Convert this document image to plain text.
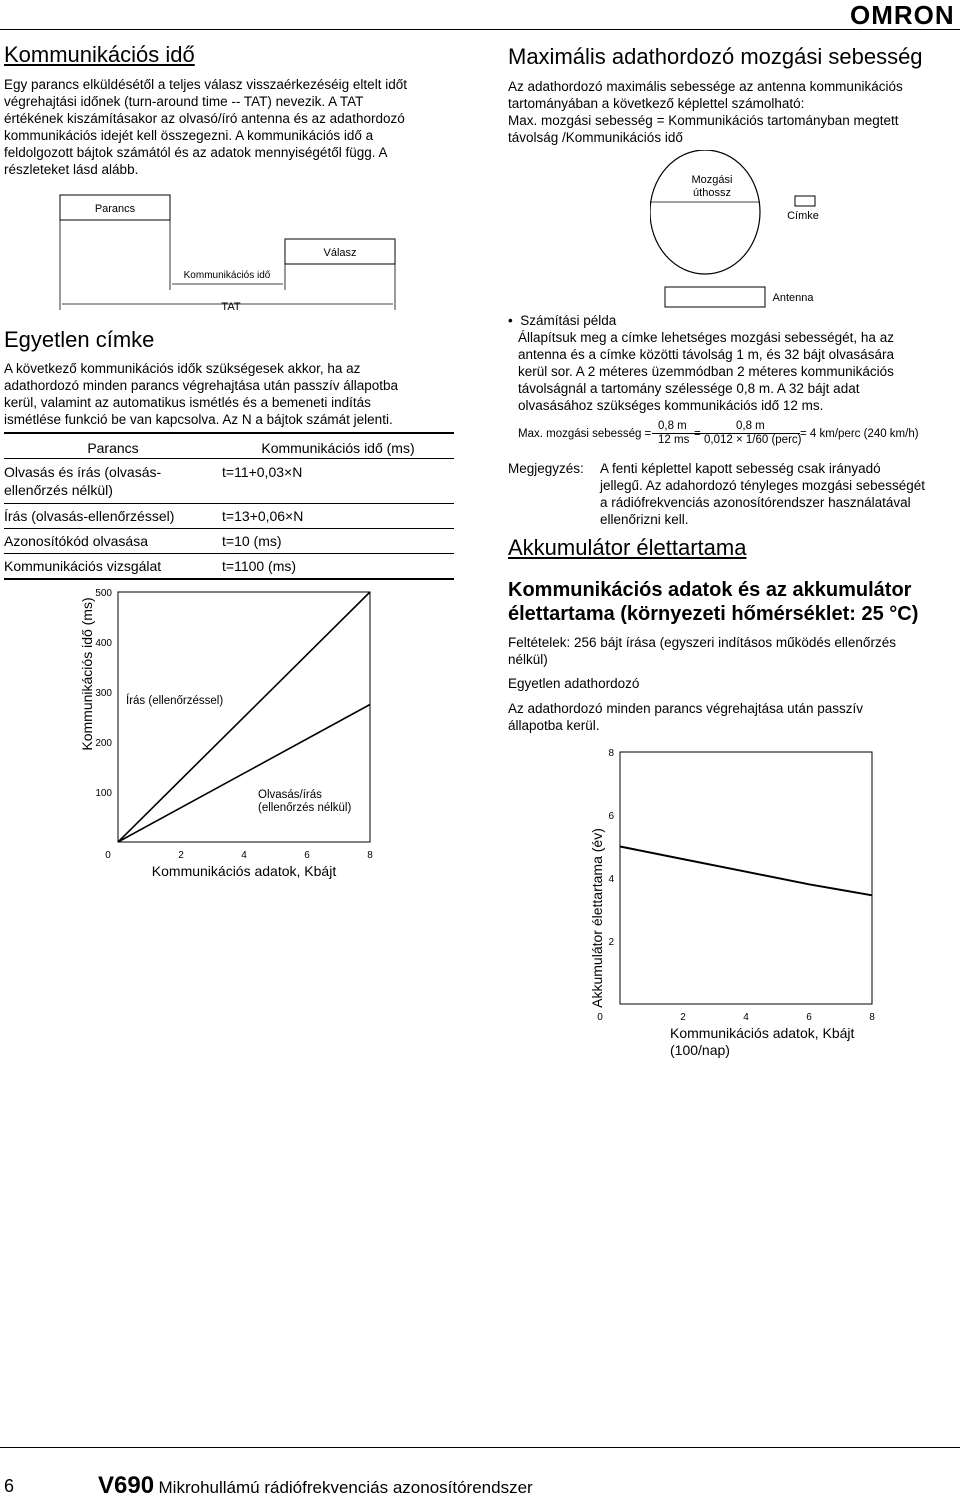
OMRON
Kommunikációs idő
Egy parancs elküldésétől a teljes válasz visszaérkezéséig eltelt időt
végrehajtási időnek (turn-around time -- TAT) nevezik. A TAT
értékének kiszámításakor az olvasó/író antenna és az adathordozó
kommunikációs idejét kell összegezni. A kommunikációs idő a
feldolgozott bájtok számától és az adatok mennyiségétől függ. A
részleteket lásd alább.
Parancs
Válasz
Kommunikációs idő
TAT
Egyetlen címke
A következő kommunikációs idők szükségesek akkor, ha az
adathordozó minden parancs végrehajtása után passzív állapotba
kerül, valamint az automatikus ismétlés és a bemeneti indítás
ismétlése funkció be van kapcsolva. Az N a bájtok számát jelenti.
Parancs	Kommunikációs idő (ms)
Olvasás és írás (olvasás-
ellenőrzés nélkül)
t=11+0,03×N
Írás (olvasás-ellenőrzéssel)	t=13+0,06×N
Azonosítókód olvasása	t=10 (ms)
Kommunikációs vizsgálat	t=1100 (ms)
100
200
300
400
500
0	2	4	6	8
Írás (ellenőrzéssel)
Olvasás/írás
(ellenőrzés nélkül)
Kommunikációs adatok, Kbájt
Kommunikációs idő (ms)
Maximális adathordozó mozgási sebesség
Az adathordozó maximális sebessége az antenna kommunikációs
tartományában a következő képlettel számolható:
Max. mozgási sebesség = Kommunikációs tartományban megtett
távolság /Kommunikációs idő
Mozgási
úthossz
Címke
Antenna
•  Számítási példa
Állapítsuk meg a címke lehetséges mozgási sebességét, ha az
antenna és a címke közötti távolság 1 m, és 32 bájt olvasására
kerül sor. A 2 méteres üzemmódban 2 méteres kommunikációs
távolságnál a tartomány szélessége 0,8 m. A 32 bájt adat
olvasásához szükséges kommunikációs idő 12 ms.
Max. mozgási sebesség =
0,8 m
12 ms =
0,8 m
0,012 × 1/60 (perc)
= 4 km/perc (240 km/h)
Megjegyzés:	A fenti képlettel kapott sebesség csak irányadó
jellegű. Az adahordozó tényleges mozgási sebességét
a rádiófrekvenciás azonosítórendszer használatával
ellenőrizni kell.
Akkumulátor élettartama
Kommunikációs adatok és az akkumulátor
élettartama (környezeti hőmérséklet: 25 °C)
Feltételek: 256 bájt írása (egyszeri indításos működés ellenőrzés
nélkül)
Egyetlen adathordozó
Az adathordozó minden parancs végrehajtása után passzív
állapotba kerül.
2
4
6
8
0	2	4	6	8
Kommunikációs adatok, Kbájt
(100/nap)
Akkumulátor élettartama (év)
6	V690 Mikrohullámú rádiófrekvenciás azonosítórendszer
